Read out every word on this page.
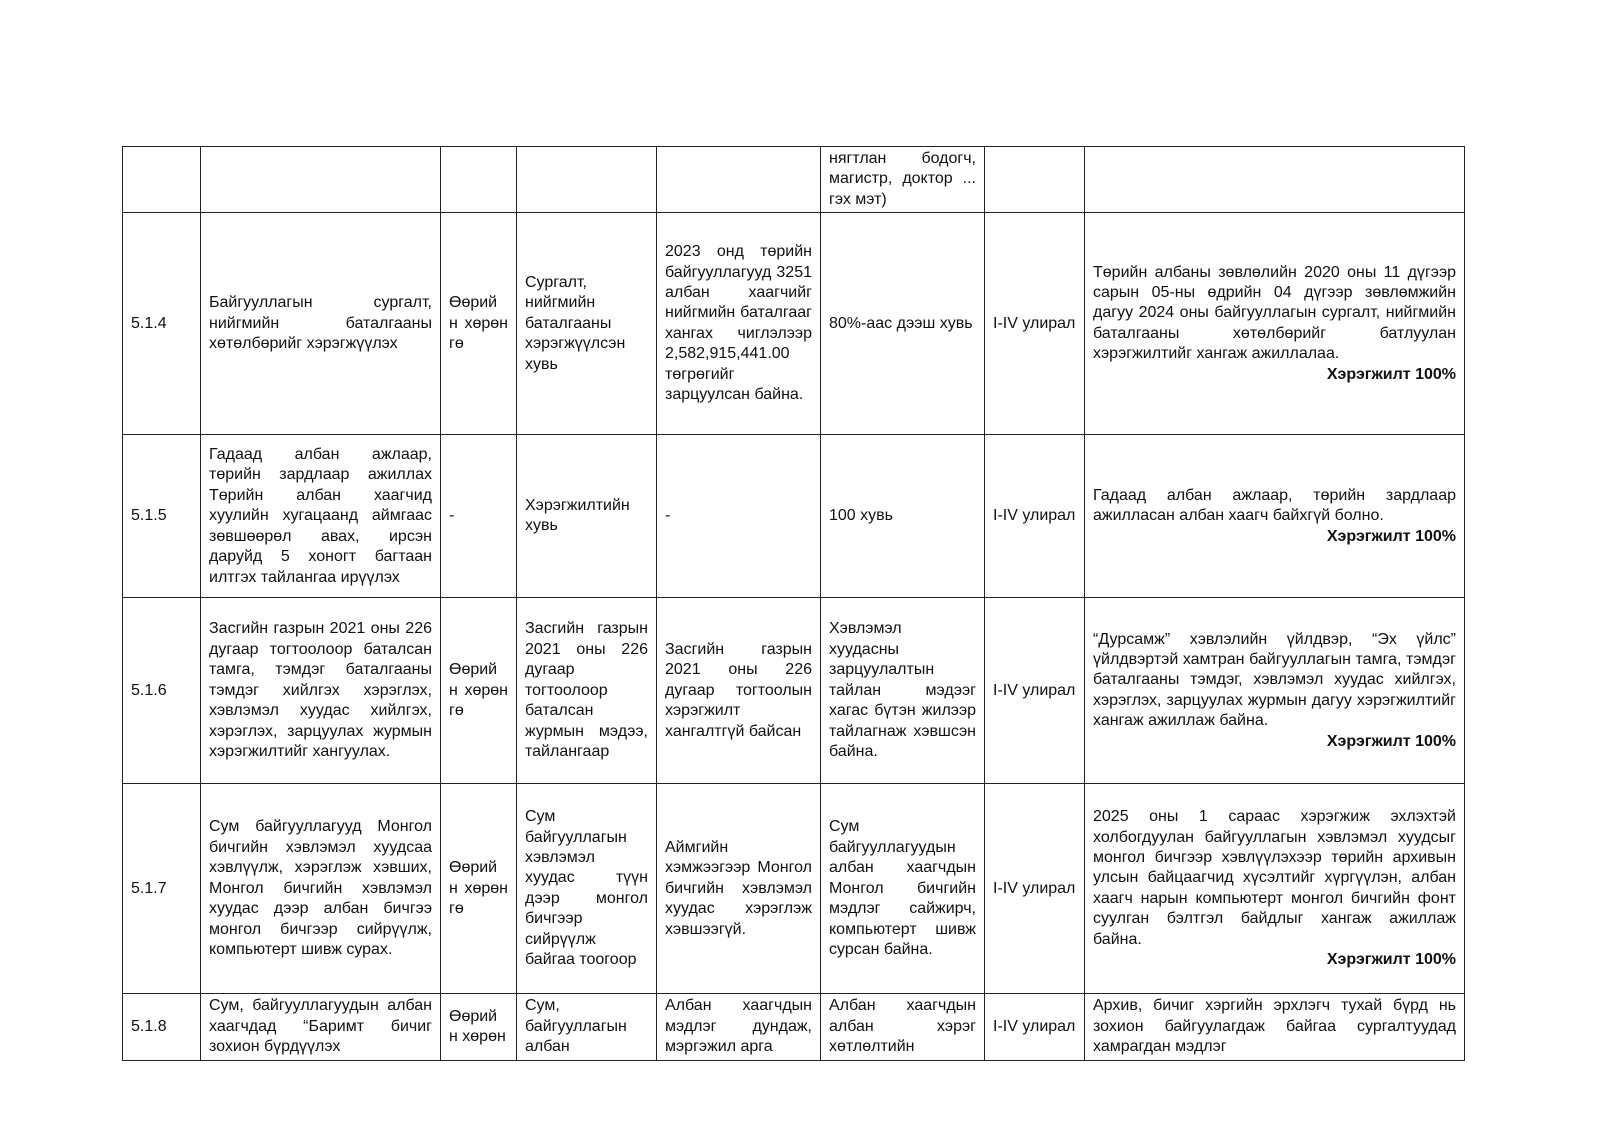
					нягтлан бодогч, магистр, доктор ... гэх мэт)		

5.1.4	Байгууллагын сургалт, нийгмийн баталгааны хөтөлбөрийг хэрэгжүүлэх	Өөрий н хөрөн гө	Сургалт, нийгмийн баталгааны хэрэгжүүлсэн хувь	2023 онд төрийн байгууллагууд 3251 албан хаагчийг нийгмийн баталгааг хангах чиглэлээр 2,582,915,441.00 төгрөгийг зарцуулсан байна.	80%-аас дээш хувь	I-IV улирал	Төрийн албаны зөвлөлийн 2020 оны 11 дүгээр сарын 05-ны өдрийн 04 дүгээр зөвлөмжийн дагуу 2024 оны байгууллагын сургалт, нийгмийн баталгааны хөтөлбөрийг батлуулан хэрэгжилтийг хангаж ажиллалаа.
Хэрэгжилт 100%

5.1.5	Гадаад албан ажлаар, төрийн зардлаар ажиллах Төрийн албан хаагчид хуулийн хугацаанд аймгаас зөвшөөрөл авах, ирсэн даруйд 5 хоногт багтаан илтгэх тайлангаа ирүүлэх	-	Хэрэгжилтийн хувь	-	100 хувь	I-IV улирал	Гадаад албан ажлаар, төрийн зардлаар ажилласан албан хаагч байхгүй болно.
Хэрэгжилт 100%

5.1.6	Засгийн газрын 2021 оны 226 дугаар тогтоолоор баталсан тамга, тэмдэг баталгааны тэмдэг хийлгэх хэрэглэх, хэвлэмэл хуудас хийлгэх, хэрэглэх, зарцуулах журмын хэрэгжилтийг хангуулах.	Өөрий н хөрөн гө	Засгийн газрын 2021 оны 226 дугаар тогтоолоор баталсан журмын мэдээ, тайлангаар	Засгийн газрын 2021 оны 226 дугаар тогтоолын хэрэгжилт хангалтгүй байсан	Хэвлэмэл хуудасны зарцуулалтын тайлан мэдээг хагас бүтэн жилээр тайлагнаж хэвшсэн байна.	I-IV улирал	“Дурсамж” хэвлэлийн үйлдвэр, “Эх үйлс” үйлдвэртэй хамтран байгууллагын тамга, тэмдэг баталгааны тэмдэг, хэвлэмэл хуудас хийлгэх, хэрэглэх, зарцуулах журмын дагуу хэрэгжилтийг хангаж ажиллаж байна.
Хэрэгжилт 100%

5.1.7	Сум байгууллагууд Монгол бичгийн хэвлэмэл хуудсаа хэвлүүлж, хэрэглэж хэвших, Монгол бичгийн хэвлэмэл хуудас дээр албан бичгээ монгол бичгээр сийрүүлж, компьютерт шивж сурах.	Өөрий н хөрөн гө	Сум байгууллагын хэвлэмэл хуудас түүн дээр монгол бичгээр сийрүүлж байгаа тоогоор	Аймгийн хэмжээгээр Монгол бичгийн хэвлэмэл хуудас хэрэглэж хэвшээгүй.	Сум байгууллагуудын албан хаагчдын Монгол бичгийн мэдлэг сайжирч, компьютерт шивж сурсан байна.	I-IV улирал	2025 оны 1 сараас хэрэгжиж эхлэхтэй холбогдуулан байгууллагын хэвлэмэл хуудсыг монгол бичгээр хэвлүүлэхээр төрийн архивын улсын байцаагчид хүсэлтийг хүргүүлэн, албан хаагч нарын компьютерт монгол бичгийн фонт суулган бэлтгэл байдлыг хангаж ажиллаж байна.
Хэрэгжилт 100%

5.1.8	Сум, байгууллагуудын албан хаагчдад “Баримт бичиг зохион бүрдүүлэх	Өөрий н хөрөн	Сум, байгууллагын албан	Албан хаагчдын мэдлэг дундаж, мэргэжил арга	Албан хаагчдын албан хэрэг хөтлөлтийн	I-IV улирал	Архив, бичиг хэргийн эрхлэгч тухай бүрд нь зохион байгуулагдаж байгаа сургалтуудад хамрагдан мэдлэг
